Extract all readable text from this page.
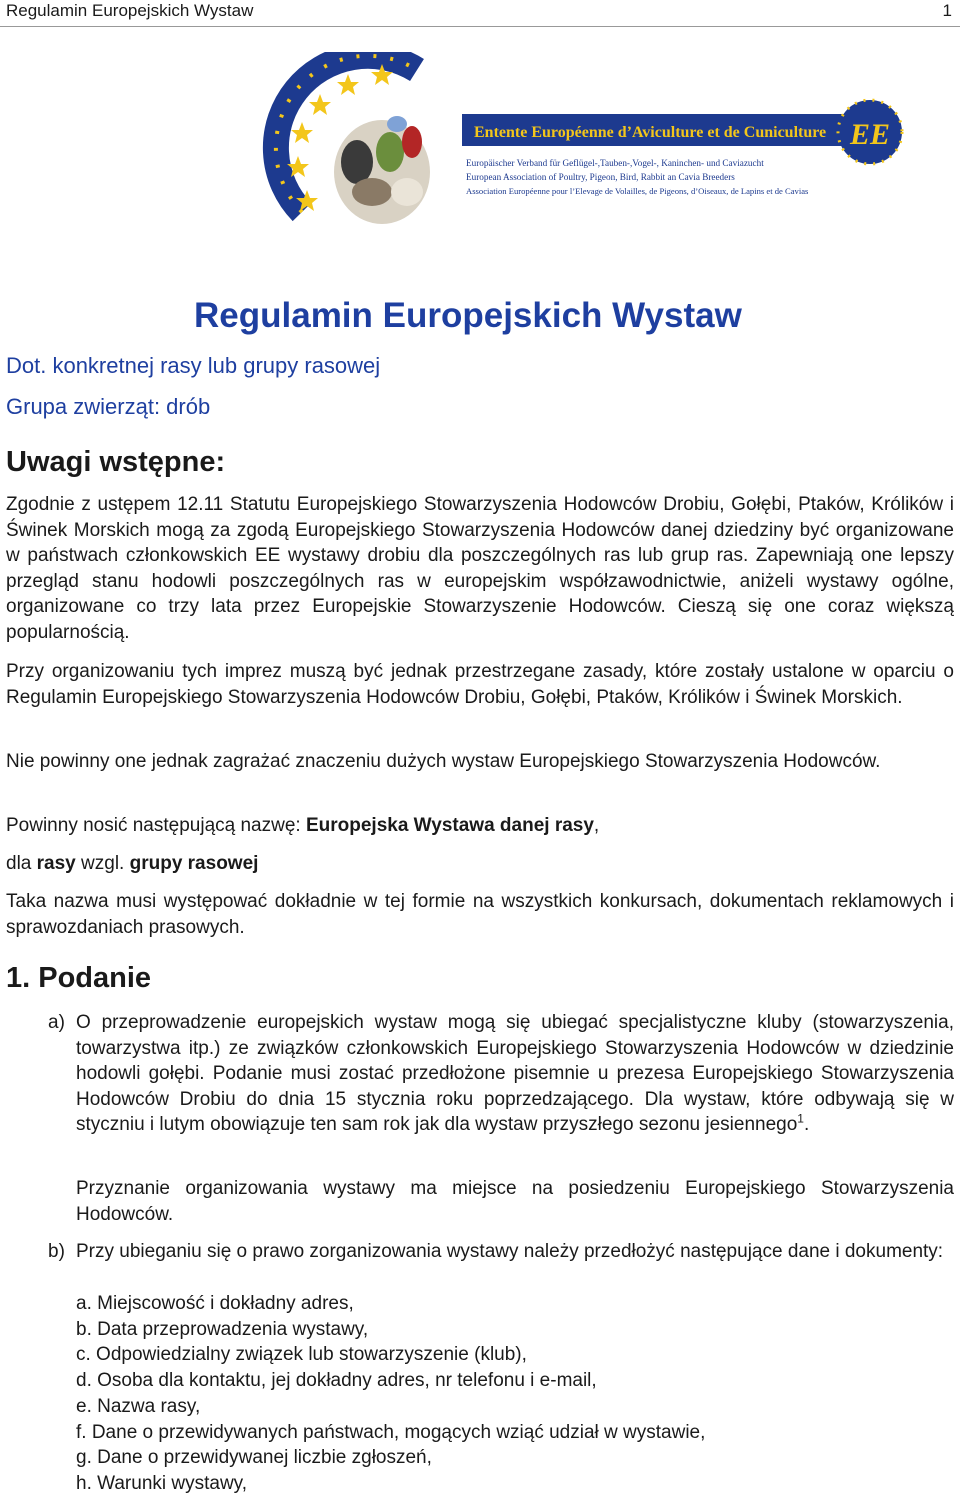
Regulamin Europejskich Wystaw	1
Entente Européenne d’Aviculture et de Cuniculture EE
Europäischer Verband für Geflügel-,Tauben-,Vogel-, Kaninchen- und Caviazucht
European Association of Poultry, Pigeon, Bird, Rabbit an Cavia Breeders
Association Européenne pour l’Elevage de Volailles, de Pigeons, d’Oiseaux, de Lapins et de Cavias
Regulamin Europejskich Wystaw
Dot. konkretnej rasy lub grupy rasowej
Grupa zwierząt: drób
Uwagi wstępne:

Zgodnie z ustępem 12.11 Statutu Europejskiego Stowarzyszenia Hodowców Drobiu, Gołębi, Ptaków, Królików i Świnek Morskich mogą za zgodą Europejskiego Stowarzyszenia Hodowców danej dziedziny być organizowane w państwach członkowskich EE wystawy drobiu dla poszczególnych ras lub grup ras. Zapewniają one lepszy przegląd stanu hodowli poszczególnych ras w europejskim współzawodnictwie, aniżeli wystawy ogólne, organizowane co trzy lata przez Europejskie Stowarzyszenie Hodowców. Cieszą się one coraz większą popularnością.

Przy organizowaniu tych imprez muszą być jednak przestrzegane zasady, które zostały ustalone w oparciu o Regulamin Europejskiego Stowarzyszenia Hodowców Drobiu, Gołębi, Ptaków, Królików i Świnek Morskich.

Nie powinny one jednak zagrażać znaczeniu dużych wystaw Europejskiego Stowarzyszenia Hodowców.

Powinny nosić następującą nazwę: Europejska Wystawa danej rasy,

dla rasy wzgl. grupy rasowej

Taka nazwa musi występować dokładnie w tej formie na wszystkich konkursach, dokumentach reklamowych i sprawozdaniach prasowych.

1. Podanie
a) O przeprowadzenie europejskich wystaw mogą się ubiegać specjalistyczne kluby (stowarzyszenia, towarzystwa itp.) ze związków członkowskich Europejskiego Stowarzyszenia Hodowców w dziedzinie hodowli gołębi. Podanie musi zostać przedłożone pisemnie u prezesa Europejskiego Stowarzyszenia Hodowców Drobiu do dnia 15 stycznia roku poprzedzającego. Dla wystaw, które odbywają się w styczniu i lutym obowiązuje ten sam rok jak dla wystaw przyszłego sezonu jesiennego$^1$.

Przyznanie organizowania wystawy ma miejsce na posiedzeniu Europejskiego Stowarzyszenia Hodowców.

b) Przy ubieganiu się o prawo zorganizowania wystawy należy przedłożyć następujące dane i dokumenty:
a. Miejscowość i dokładny adres,
b. Data przeprowadzenia wystawy,
c. Odpowiedzialny związek lub stowarzyszenie (klub),
d. Osoba dla kontaktu, jej dokładny adres, nr telefonu i e-mail,
e. Nazwa rasy,
f. Dane o przewidywanych państwach, mogących wziąć udział w wystawie,
g. Dane o przewidywanej liczbie zgłoszeń,
h. Warunki wystawy,
